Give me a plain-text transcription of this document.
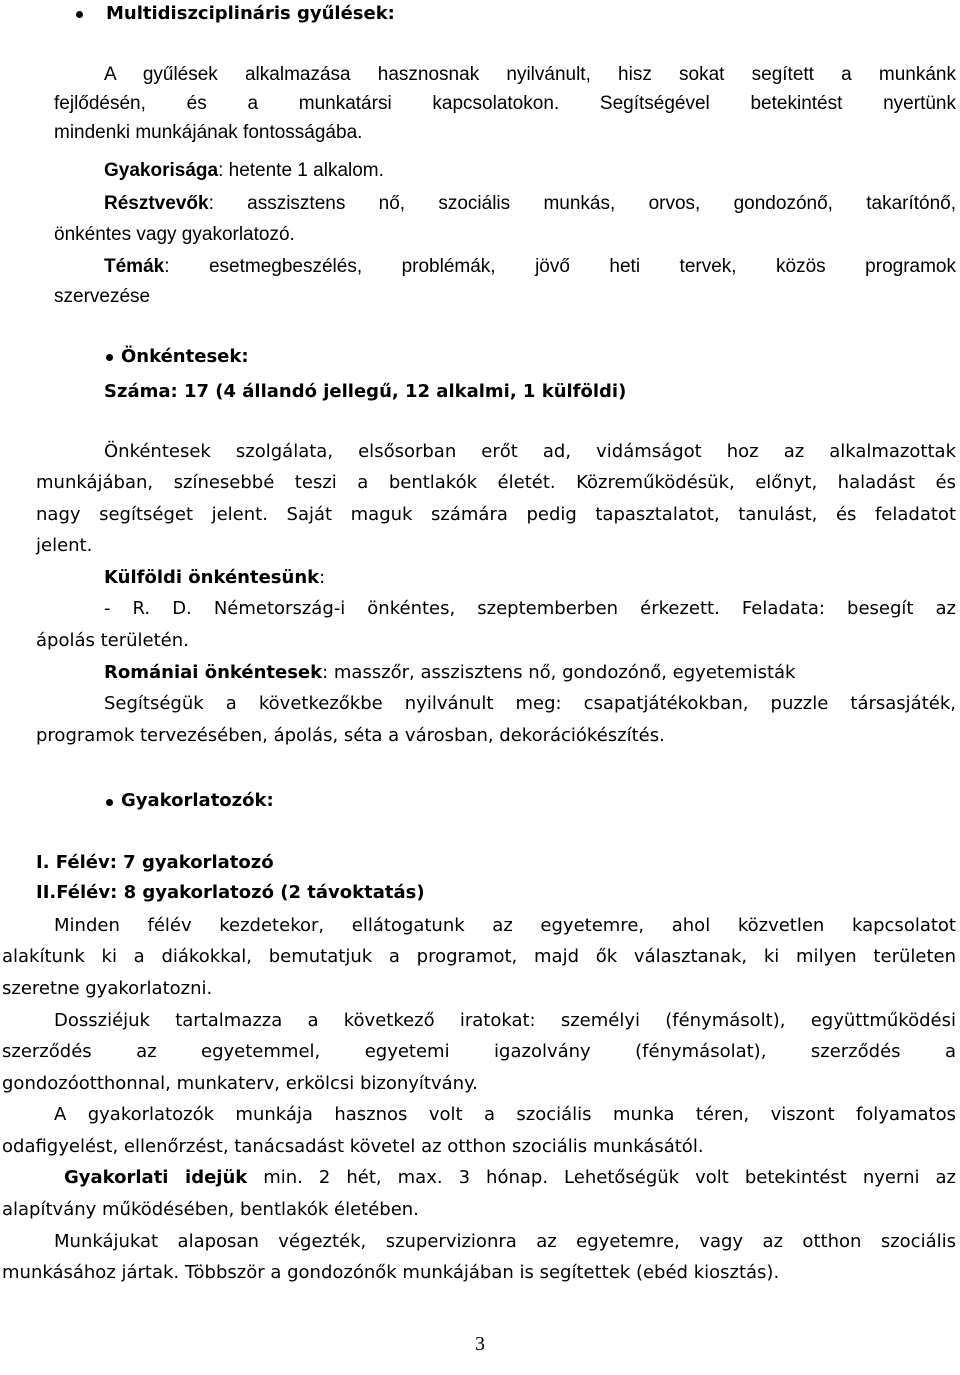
Multidiszciplináris gyűlések:
A gyűlések alkalmazása hasznosnak nyilvánult, hisz sokat segített a munkánk
fejlődésén, és a munkatársi kapcsolatokon. Segítségével betekintést nyertünk
mindenki munkájának fontosságába.
Gyakorisága: hetente 1 alkalom.
Résztvevők: asszisztens nő, szociális munkás, orvos, gondozónő, takarítónő,
önkéntes vagy gyakorlatozó.
Témák: esetmegbeszélés, problémák, jövő heti tervek, közös programok
szervezése
Önkéntesek:
Száma: 17 (4 állandó jellegű, 12 alkalmi, 1 külföldi)
Önkéntesek szolgálata, elsősorban erőt ad, vidámságot hoz az alkalmazottak
munkájában, színesebbé teszi a bentlakók életét. Közreműködésük, előnyt, haladást és
nagy segítséget jelent. Saját maguk számára pedig tapasztalatot, tanulást, és feladatot
jelent.
Külföldi önkéntesünk:
- R. D. Németország-i önkéntes, szeptemberben érkezett. Feladata: besegít az
ápolás területén.
Romániai önkéntesek: masszőr, asszisztens nő, gondozónő, egyetemisták
Segítségük a következőkbe nyilvánult meg: csapatjátékokban, puzzle társasjáték,
programok tervezésében, ápolás, séta a városban, dekorációkészítés.
Gyakorlatozók:
I. Félév: 7 gyakorlatozó
II.Félév: 8 gyakorlatozó (2 távoktatás)
Minden félév kezdetekor, ellátogatunk az egyetemre, ahol közvetlen kapcsolatot
alakítunk ki a diákokkal, bemutatjuk a programot, majd ők választanak, ki milyen területen
szeretne gyakorlatozni.
Dossziéjuk tartalmazza a következő iratokat: személyi (fénymásolt), együttműködési
szerződés az egyetemmel, egyetemi igazolvány (fénymásolat), szerződés a
gondozóotthonnal, munkaterv, erkölcsi bizonyítvány.
A gyakorlatozók munkája hasznos volt a szociális munka téren, viszont folyamatos
odafigyelést, ellenőrzést, tanácsadást követel az otthon szociális munkásától.
Gyakorlati idejük min. 2 hét, max. 3 hónap. Lehetőségük volt betekintést nyerni az
alapítvány működésében, bentlakók életében.
Munkájukat alaposan végezték, szupervizionra az egyetemre, vagy az otthon szociális
munkásához jártak. Többször a gondozónők munkájában is segítettek (ebéd kiosztás).
3
